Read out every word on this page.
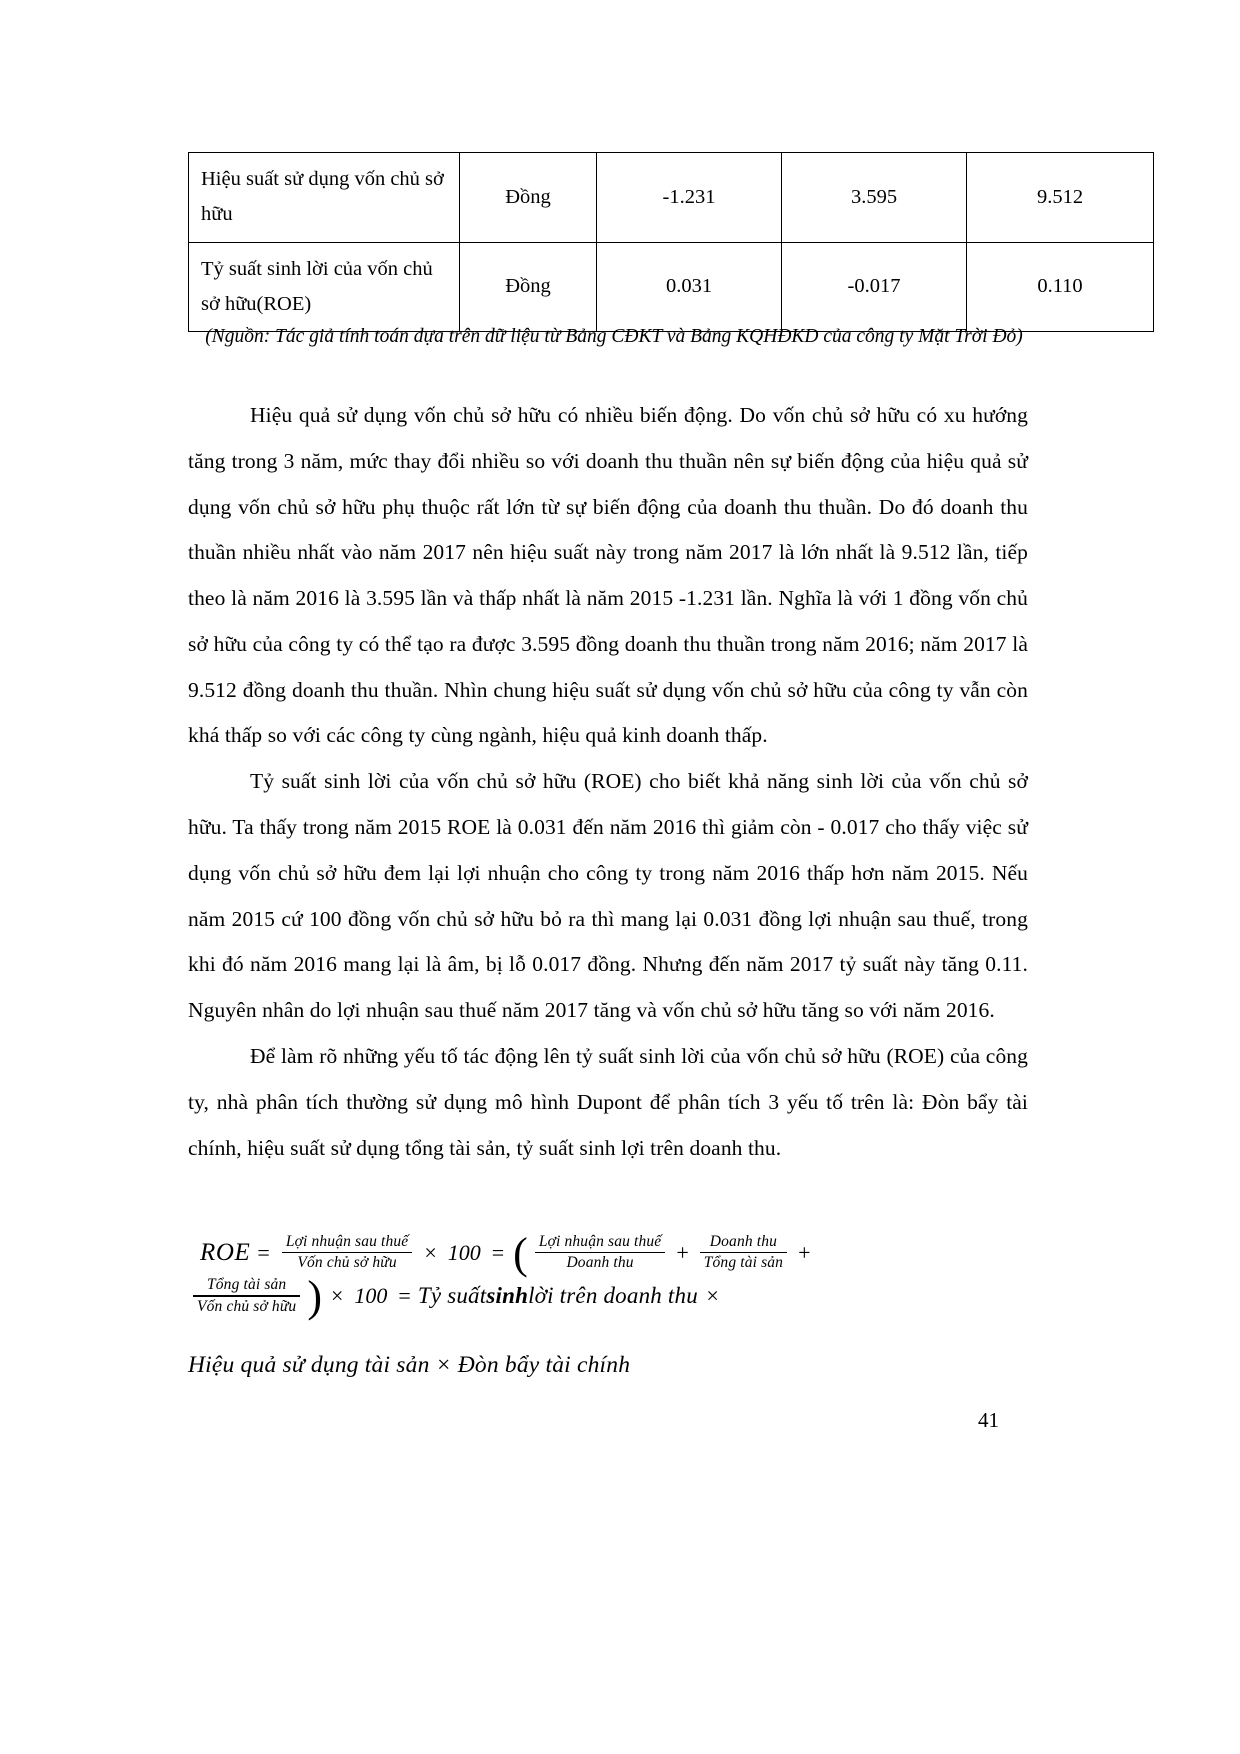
Hiệu suất sử dụng vốn chủ sở hữu	Đồng	-1.231	3.595	9.512
Tỷ suất sinh lời của vốn chủ sở hữu(ROE)	Đồng	0.031	-0.017	0.110
(Nguồn: Tác giả tính toán dựa trên dữ liệu từ Bảng CĐKT và Bảng KQHĐKD của công ty Mặt Trời Đỏ)

Hiệu quả sử dụng vốn chủ sở hữu có nhiều biến động. Do vốn chủ sở hữu có xu hướng tăng trong 3 năm, mức thay đổi nhiều so với doanh thu thuần nên sự biến động của hiệu quả sử dụng vốn chủ sở hữu phụ thuộc rất lớn từ sự biến động của doanh thu thuần. Do đó doanh thu thuần nhiều nhất vào năm 2017 nên hiệu suất này trong năm 2017 là lớn nhất là 9.512 lần, tiếp theo là năm 2016 là 3.595 lần và thấp nhất là năm 2015 -1.231 lần. Nghĩa là với 1 đồng vốn chủ sở hữu của công ty có thể tạo ra được 3.595 đồng doanh thu thuần trong năm 2016; năm 2017 là 9.512 đồng doanh thu thuần. Nhìn chung hiệu suất sử dụng vốn chủ sở hữu của công ty vẫn còn khá thấp so với các công ty cùng ngành, hiệu quả kinh doanh thấp.

Tỷ suất sinh lời của vốn chủ sở hữu (ROE) cho biết khả năng sinh lời của vốn chủ sở hữu. Ta thấy trong năm 2015 ROE là 0.031 đến năm 2016 thì giảm còn - 0.017 cho thấy việc sử dụng vốn chủ sở hữu đem lại lợi nhuận cho công ty trong năm 2016 thấp hơn năm 2015. Nếu năm 2015 cứ 100 đồng vốn chủ sở hữu bỏ ra thì mang lại 0.031 đồng lợi nhuận sau thuế, trong khi đó năm 2016 mang lại là âm, bị lỗ 0.017 đồng. Nhưng đến năm 2017 tỷ suất này tăng 0.11. Nguyên nhân do lợi nhuận sau thuế năm 2017 tăng và vốn chủ sở hữu tăng so với năm 2016.

Để làm rõ những yếu tố tác động lên tỷ suất sinh lời của vốn chủ sở hữu (ROE) của công ty, nhà phân tích thường sử dụng mô hình Dupont để phân tích 3 yếu tố trên là: Đòn bẩy tài chính, hiệu suất sử dụng tổng tài sản, tỷ suất sinh lợi trên doanh thu.

ROE = $\frac{\text{Lợi nhuận sau thuế}}{\text{Vốn chủ sở hữu}} \times 100$ = ( $\frac{\text{Lợi nhuận sau thuế}}{\text{Doanh thu}} + \frac{\text{Doanh thu}}{\text{Tổng tài sản}}$ +
$\frac{\text{Tổng tài sản}}{\text{Vốn chủ sở hữu}}$ ) × 100 = Tỷ suất sinh lời trên doanh thu ×
Hiệu quả sử dụng tài sản × Đòn bẩy tài chính
41
